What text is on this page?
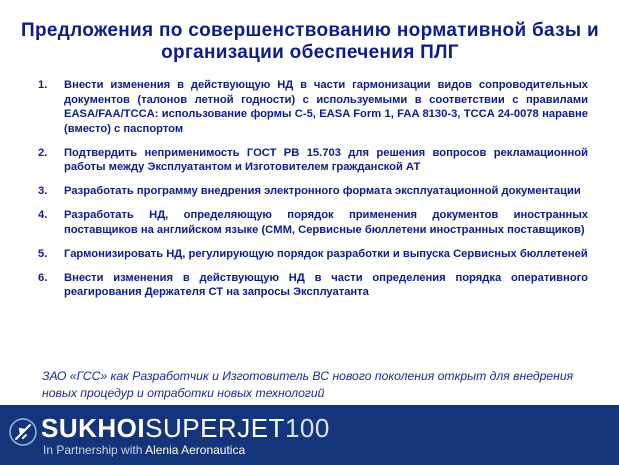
Предложения по совершенствованию нормативной базы и
организации обеспечения ПЛГ
1. Внести изменения в действующую НД в части гармонизации видов сопроводительных документов (талонов летной годности) с используемыми в соответствии с правилами EASA/FAA/TCCA: использование формы С-5, EASA Form 1, FAA 8130-3, TCCA 24-0078 наравне (вместо) с паспортом
2. Подтвердить неприменимость ГОСТ РВ 15.703 для решения вопросов рекламационной работы между Эксплуатантом и Изготовителем гражданской АТ
3. Разработать программу внедрения электронного формата эксплуатационной документации
4. Разработать НД, определяющую порядок применения документов иностранных поставщиков на английском языке (CMM, Сервисные бюллетени иностранных поставщиков)
5. Гармонизировать НД, регулирующую порядок разработки и выпуска Сервисных бюллетеней
6. Внести изменения в действующую НД в части определения порядка оперативного реагирования Держателя СТ на запросы Эксплуатанта
ЗАО «ГСС» как Разработчик и Изготовитель ВС нового поколения открыт для внедрения новых процедур и отработки новых технологий
SUKHOISUPERJET100
In Partnership with Alenia Aeronautica
